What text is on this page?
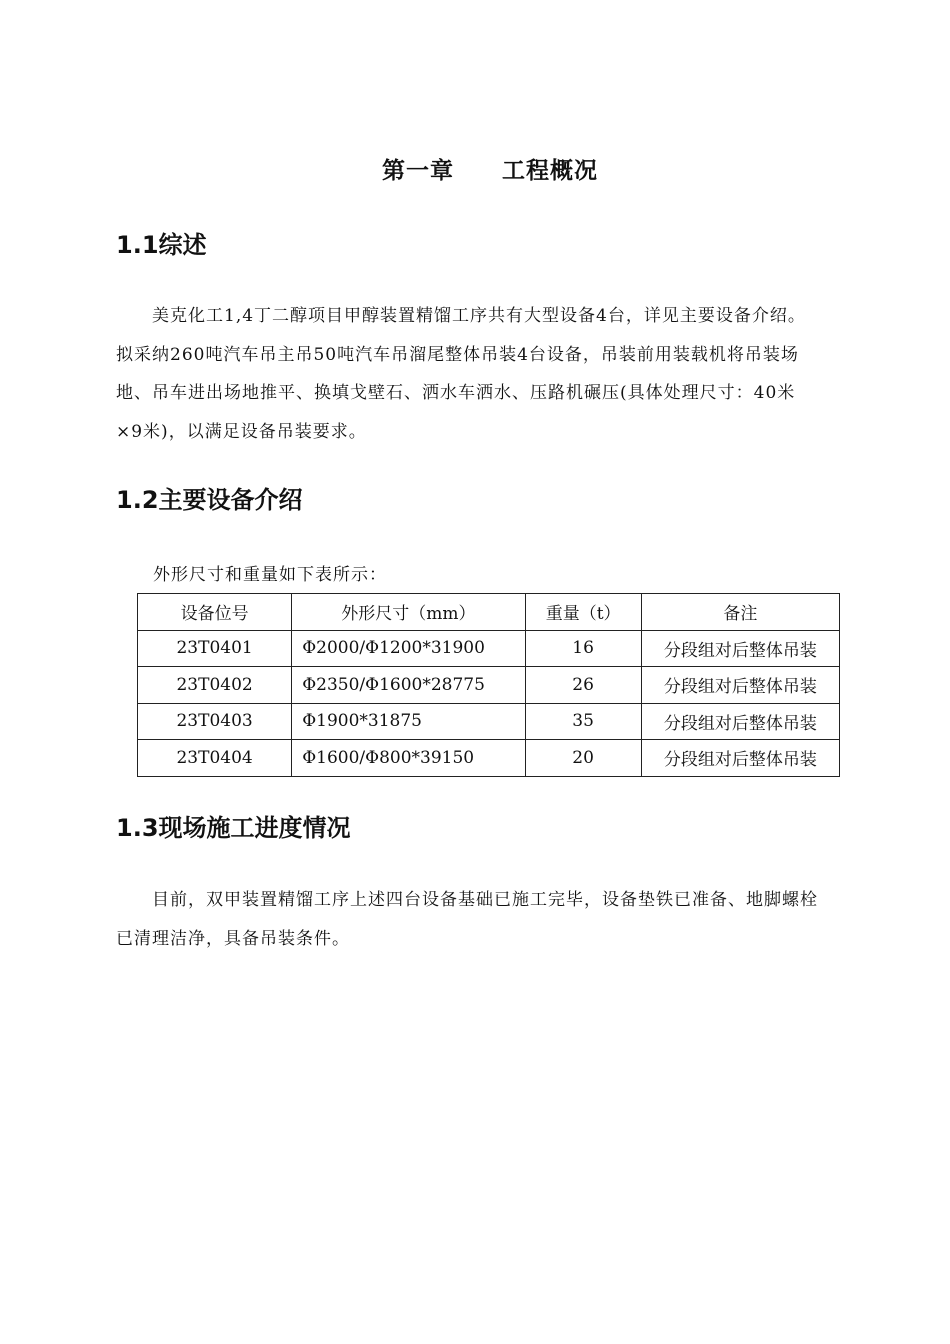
第一章　　工程概况
1.1综述
美克化工1,4丁二醇项目甲醇装置精馏工序共有大型设备4台，详见主要设备介绍。
拟采纳260吨汽车吊主吊50吨汽车吊溜尾整体吊装4台设备，吊装前用装载机将吊装场
地、吊车进出场地推平、换填戈壁石、洒水车洒水、压路机碾压(具体处理尺寸：40米
×9米)，以满足设备吊装要求。
1.2主要设备介绍
外形尺寸和重量如下表所示：
设备位号	外形尺寸（mm）	重量（t）	备注
23T0401	Φ2000/Φ1200*31900	16	分段组对后整体吊装
23T0402	Φ2350/Φ1600*28775	26	分段组对后整体吊装
23T0403	Φ1900*31875	35	分段组对后整体吊装
23T0404	Φ1600/Φ800*39150	20	分段组对后整体吊装
1.3现场施工进度情况
目前，双甲装置精馏工序上述四台设备基础已施工完毕，设备垫铁已准备、地脚螺栓
已清理洁净，具备吊装条件。
